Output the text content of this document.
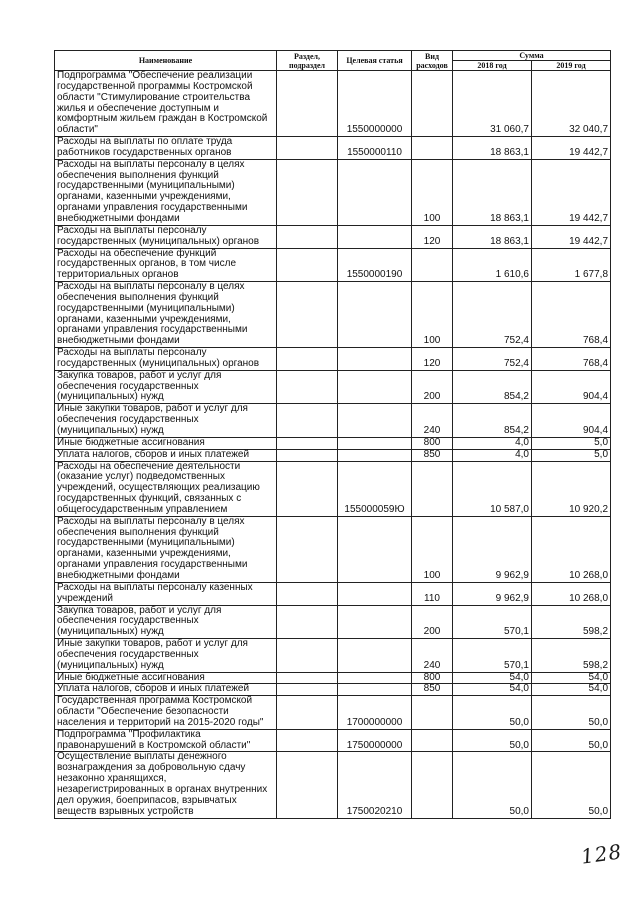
Наименование	Раздел, подраздел	Целевая статья	Вид расходов	Сумма	
				2018 год	2019 год
Подпрограмма "Обеспечение реализации государственной программы Костромской области "Стимулирование строительства жилья и обеспечение доступным и комфортным жильем граждан в Костромской области"		1550000000		31 060,7	32 040,7
Расходы на выплаты по оплате труда работников государственных органов		1550000110		18 863,1	19 442,7
Расходы на выплаты персоналу в целях обеспечения выполнения функций государственными (муниципальными) органами, казенными учреждениями, органами управления государственными внебюджетными фондами			100	18 863,1	19 442,7
Расходы на выплаты персоналу государственных (муниципальных) органов			120	18 863,1	19 442,7
Расходы на обеспечение функций государственных органов, в том числе территориальных органов		1550000190		1 610,6	1 677,8
Расходы на выплаты персоналу в целях обеспечения выполнения функций государственными (муниципальными) органами, казенными учреждениями, органами управления государственными внебюджетными фондами			100	752,4	768,4
Расходы на выплаты персоналу государственных (муниципальных) органов			120	752,4	768,4
Закупка товаров, работ и услуг для обеспечения государственных (муниципальных) нужд			200	854,2	904,4
Иные закупки товаров, работ и услуг для обеспечения государственных (муниципальных) нужд			240	854,2	904,4
Иные бюджетные ассигнования			800	4,0	5,0
Уплата налогов, сборов и иных платежей			850	4,0	5,0
Расходы на обеспечение деятельности (оказание услуг) подведомственных учреждений, осуществляющих реализацию государственных функций, связанных с общегосударственным управлением		155000059Ю		10 587,0	10 920,2
Расходы на выплаты персоналу в целях обеспечения выполнения функций государственными (муниципальными) органами, казенными учреждениями, органами управления государственными внебюджетными фондами			100	9 962,9	10 268,0
Расходы на выплаты персоналу казенных учреждений			110	9 962,9	10 268,0
Закупка товаров, работ и услуг для обеспечения государственных (муниципальных) нужд			200	570,1	598,2
Иные закупки товаров, работ и услуг для обеспечения государственных (муниципальных) нужд			240	570,1	598,2
Иные бюджетные ассигнования			800	54,0	54,0
Уплата налогов, сборов и иных платежей			850	54,0	54,0
Государственная программа Костромской области "Обеспечение безопасности населения и территорий на 2015-2020 годы"		1700000000		50,0	50,0
Подпрограмма "Профилактика правонарушений в Костромской области"		1750000000		50,0	50,0
Осуществление выплаты денежного вознаграждения за добровольную сдачу незаконно хранящихся, незарегистрированных в органах внутренних дел оружия, боеприпасов, взрывчатых веществ взрывных устройств		1750020210		50,0	50,0
128
